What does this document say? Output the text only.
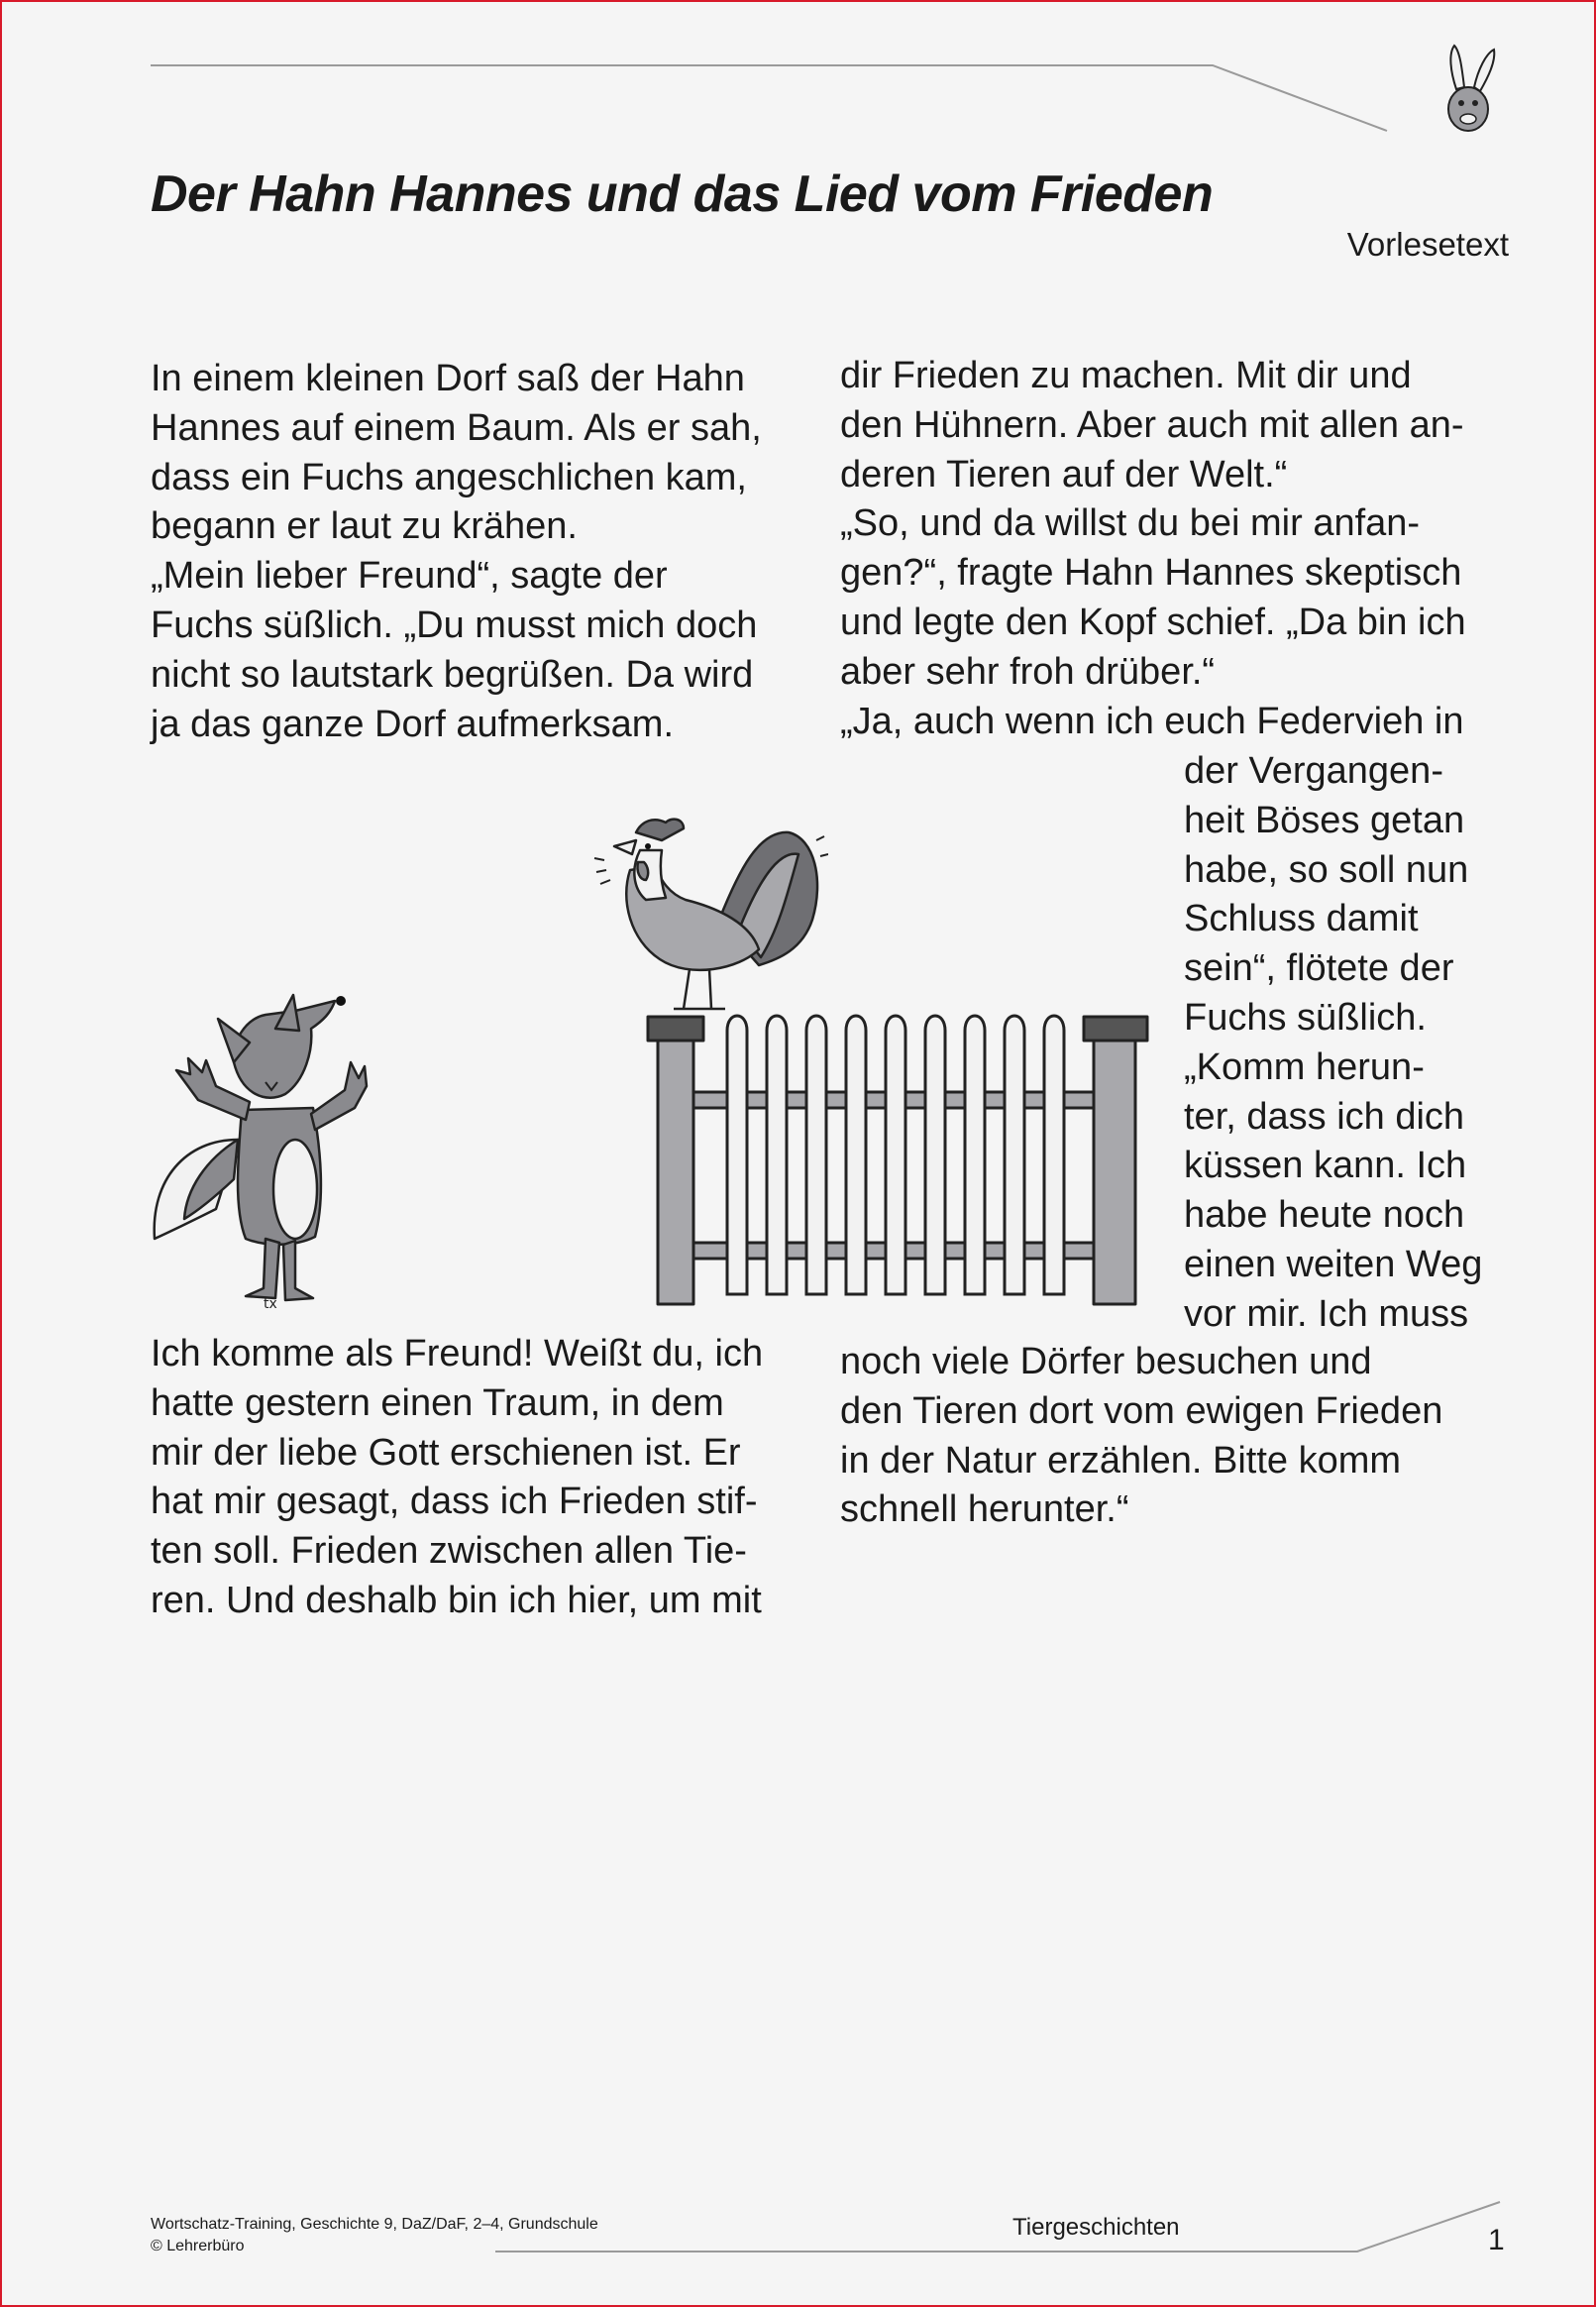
Der Hahn Hannes und das Lied vom Frieden

Vorlesetext

In einem kleinen Dorf saß der Hahn
Hannes auf einem Baum. Als er sah,
dass ein Fuchs angeschlichen kam,
begann er laut zu krähen.
„Mein lieber Freund“, sagte der
Fuchs süßlich. „Du musst mich doch
nicht so lautstark begrüßen. Da wird
ja das ganze Dorf aufmerksam.

dir Frieden zu machen. Mit dir und
den Hühnern. Aber auch mit allen an-
deren Tieren auf der Welt.“
„So, und da willst du bei mir anfan-
gen?“, fragte Hahn Hannes skeptisch
und legte den Kopf schief. „Da bin ich
aber sehr froh drüber.“
„Ja, auch wenn ich euch Federvieh in

der Vergangen-
heit Böses getan
habe, so soll nun
Schluss damit
sein“, flötete der
Fuchs süßlich.
„Komm herun-
ter, dass ich dich
küssen kann. Ich
habe heute noch
einen weiten Weg
vor mir. Ich muss

Ich komme als Freund! Weißt du, ich
hatte gestern einen Traum, in dem
mir der liebe Gott erschienen ist. Er
hat mir gesagt, dass ich Frieden stif-
ten soll. Frieden zwischen allen Tie-
ren. Und deshalb bin ich hier, um mit

noch viele Dörfer besuchen und
den Tieren dort vom ewigen Frieden
in der Natur erzählen. Bitte komm
schnell herunter.“

tx

Wortschatz-Training, Geschichte 9, DaZ/DaF, 2–4, Grundschule
© Lehrerbüro

Tiergeschichten	1
